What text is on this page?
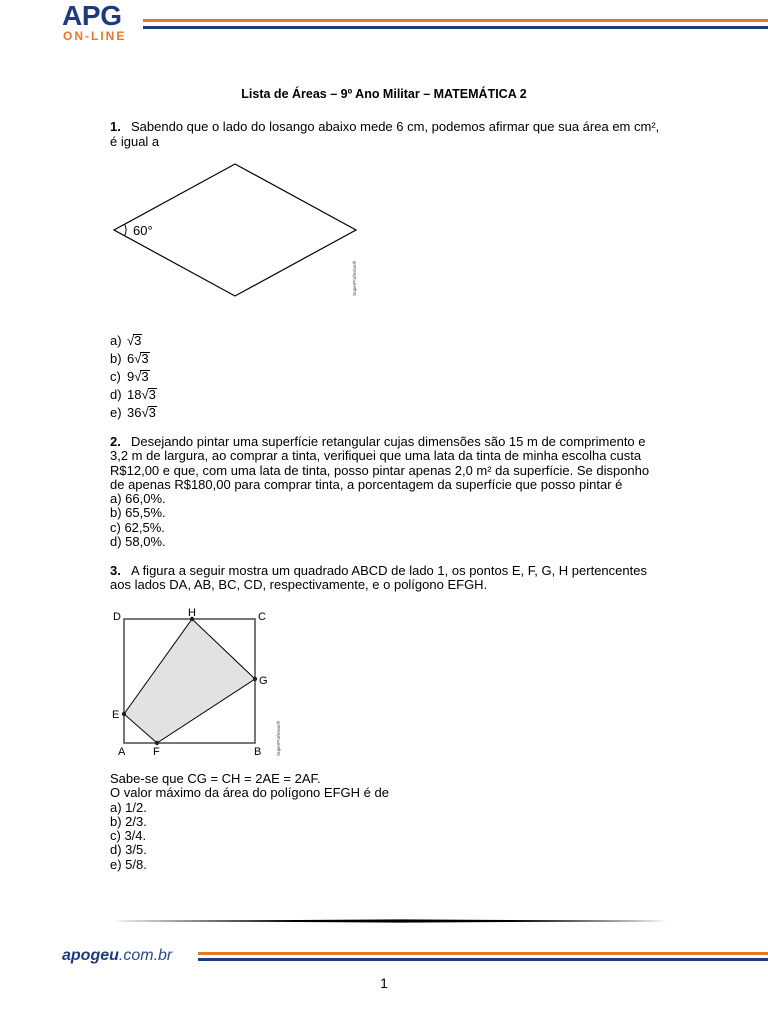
APG
ON-LINE
Lista de Áreas – 9º Ano Militar – MATEMÁTICA 2
1. Sabendo que o lado do losango abaixo mede 6 cm, podemos afirmar que sua área em cm²,
é igual a
60°
SuperProfessor®
a) √3
b) 6√3
c) 9√3
d) 18√3
e) 36√3
2. Desejando pintar uma superfície retangular cujas dimensões são 15 m de comprimento e
3,2 m de largura, ao comprar a tinta, verifiquei que uma lata da tinta de minha escolha custa
R$12,00 e que, com uma lata de tinta, posso pintar apenas 2,0 m² da superfície. Se disponho
de apenas R$180,00 para comprar tinta, a porcentagem da superfície que posso pintar é
a) 66,0%.
b) 65,5%.
c) 62,5%.
d) 58,0%.
3. A figura a seguir mostra um quadrado ABCD de lado 1, os pontos E, F, G, H pertencentes
aos lados DA, AB, BC, CD, respectivamente, e o polígono EFGH.
D	H	C
G
E
A	F	B	SuperProfessor®
Sabe-se que CG = CH = 2AE = 2AF.
O valor máximo da área do polígono EFGH é de
a) 1/2.
b) 2/3.
c) 3/4.
d) 3/5.
e) 5/8.
apogeu.com.br
1
